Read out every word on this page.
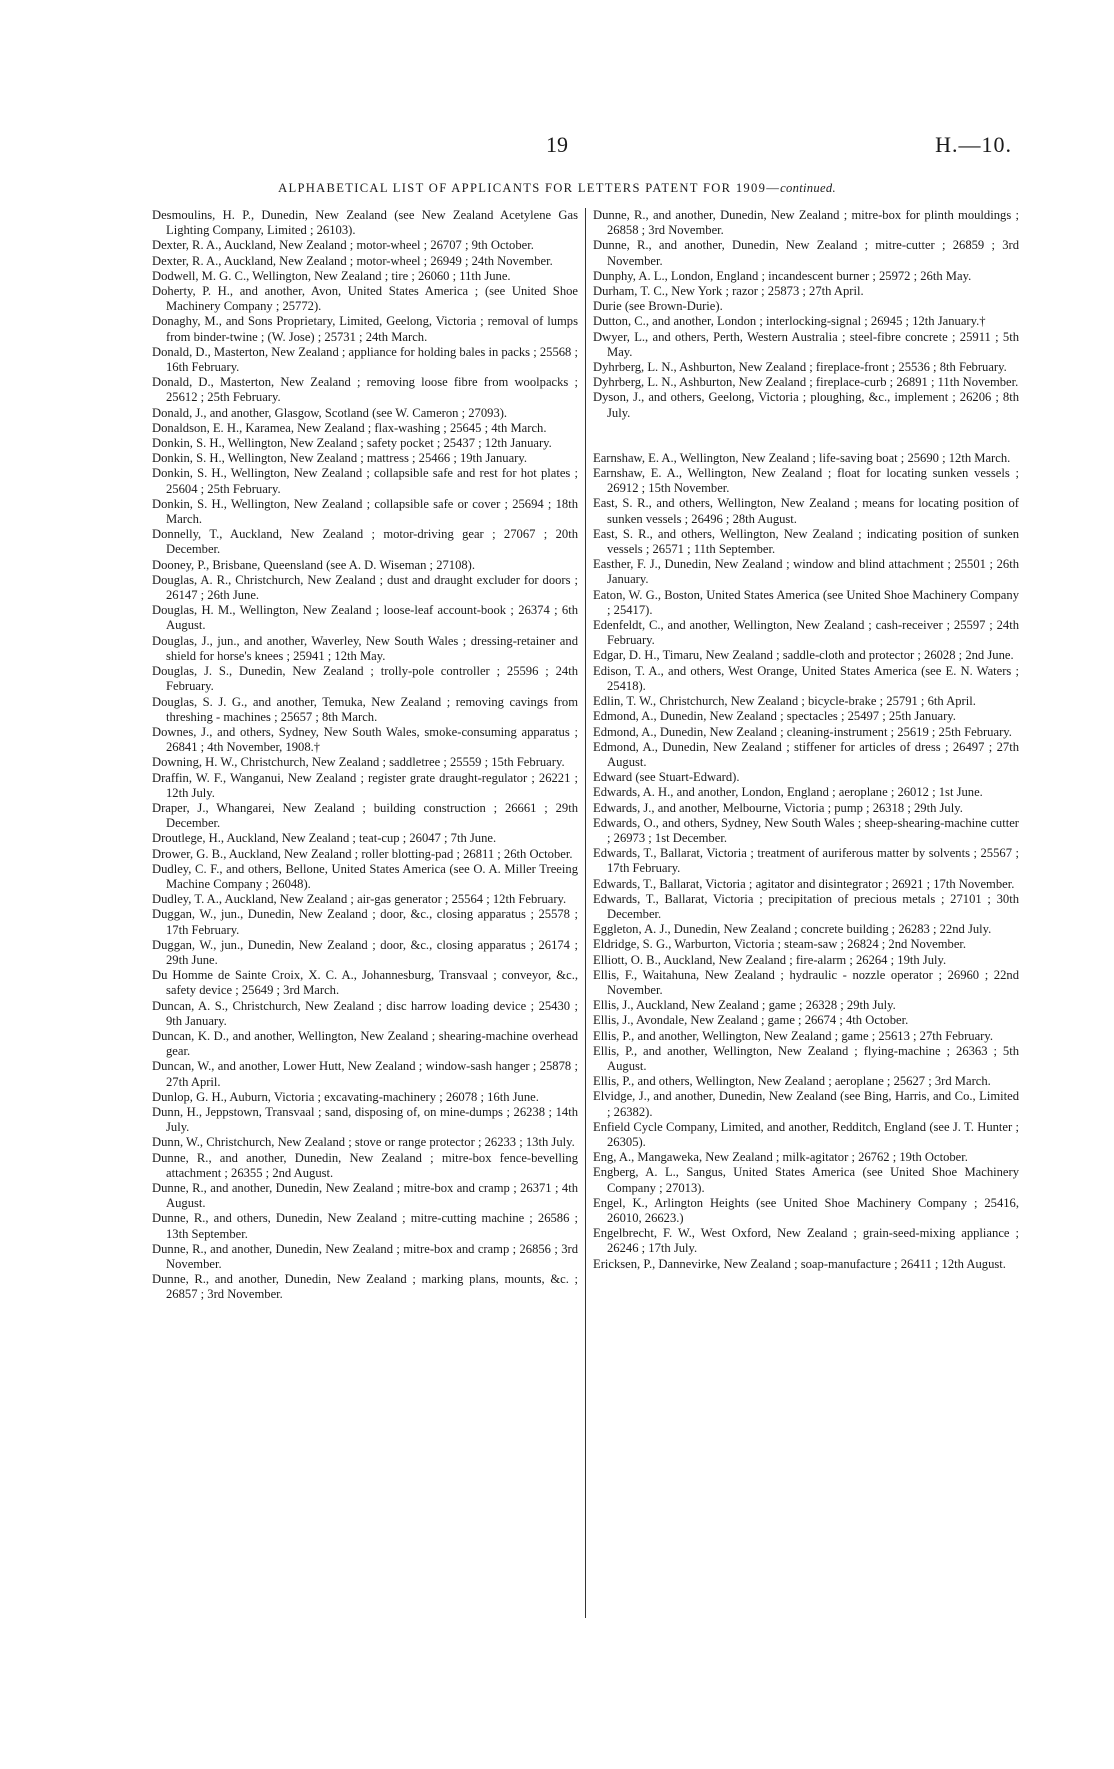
19	H.—10.
ALPHABETICAL LIST OF APPLICANTS FOR LETTERS PATENT FOR 1909—continued.
Desmoulins, H. P., Dunedin, New Zealand (see New Zealand Acetylene Gas Lighting Company, Limited ; 26103).
Dexter, R. A., Auckland, New Zealand ; motor-wheel ; 26707 ; 9th October.
Dexter, R. A., Auckland, New Zealand ; motor-wheel ; 26949 ; 24th November.
Dodwell, M. G. C., Wellington, New Zealand ; tire ; 26060 ; 11th June.
Doherty, P. H., and another, Avon, United States America ; (see United Shoe Machinery Company ; 25772).
Donaghy, M., and Sons Proprietary, Limited, Geelong, Victoria ; removal of lumps from binder-twine ; (W. Jose) ; 25731 ; 24th March.
Donald, D., Masterton, New Zealand ; appliance for holding bales in packs ; 25568 ; 16th February.
Donald, D., Masterton, New Zealand ; removing loose fibre from woolpacks ; 25612 ; 25th February.
Donald, J., and another, Glasgow, Scotland (see W. Cameron ; 27093).
Donaldson, E. H., Karamea, New Zealand ; flax-washing ; 25645 ; 4th March.
Donkin, S. H., Wellington, New Zealand ; safety pocket ; 25437 ; 12th January.
Donkin, S. H., Wellington, New Zealand ; mattress ; 25466 ; 19th January.
Donkin, S. H., Wellington, New Zealand ; collapsible safe and rest for hot plates ; 25604 ; 25th February.
Donkin, S. H., Wellington, New Zealand ; collapsible safe or cover ; 25694 ; 18th March.
Donnelly, T., Auckland, New Zealand ; motor-driving gear ; 27067 ; 20th December.
Dooney, P., Brisbane, Queensland (see A. D. Wiseman ; 27108).
Douglas, A. R., Christchurch, New Zealand ; dust and draught excluder for doors ; 26147 ; 26th June.
Douglas, H. M., Wellington, New Zealand ; loose-leaf account-book ; 26374 ; 6th August.
Douglas, J., jun., and another, Waverley, New South Wales ; dressing-retainer and shield for horse's knees ; 25941 ; 12th May.
Douglas, J. S., Dunedin, New Zealand ; trolly-pole controller ; 25596 ; 24th February.
Douglas, S. J. G., and another, Temuka, New Zealand ; removing cavings from threshing - machines ; 25657 ; 8th March.
Downes, J., and others, Sydney, New South Wales, smoke-consuming apparatus ; 26841 ; 4th November, 1908.†
Downing, H. W., Christchurch, New Zealand ; saddletree ; 25559 ; 15th February.
Draffin, W. F., Wanganui, New Zealand ; register grate draught-regulator ; 26221 ; 12th July.
Draper, J., Whangarei, New Zealand ; building construction ; 26661 ; 29th December.
Droutlege, H., Auckland, New Zealand ; teat-cup ; 26047 ; 7th June.
Drower, G. B., Auckland, New Zealand ; roller blotting-pad ; 26811 ; 26th October.
Dudley, C. F., and others, Bellone, United States America (see O. A. Miller Treeing Machine Company ; 26048).
Dudley, T. A., Auckland, New Zealand ; air-gas generator ; 25564 ; 12th February.
Duggan, W., jun., Dunedin, New Zealand ; door, &c., closing apparatus ; 25578 ; 17th February.
Duggan, W., jun., Dunedin, New Zealand ; door, &c., closing apparatus ; 26174 ; 29th June.
Du Homme de Sainte Croix, X. C. A., Johannesburg, Transvaal ; conveyor, &c., safety device ; 25649 ; 3rd March.
Duncan, A. S., Christchurch, New Zealand ; disc harrow loading device ; 25430 ; 9th January.
Duncan, K. D., and another, Wellington, New Zealand ; shearing-machine overhead gear.
Duncan, W., and another, Lower Hutt, New Zealand ; window-sash hanger ; 25878 ; 27th April.
Dunlop, G. H., Auburn, Victoria ; excavating-machinery ; 26078 ; 16th June.
Dunn, H., Jeppstown, Transvaal ; sand, disposing of, on mine-dumps ; 26238 ; 14th July.
Dunn, W., Christchurch, New Zealand ; stove or range protector ; 26233 ; 13th July.
Dunne, R., and another, Dunedin, New Zealand ; mitre-box fence-bevelling attachment ; 26355 ; 2nd August.
Dunne, R., and another, Dunedin, New Zealand ; mitre-box and cramp ; 26371 ; 4th August.
Dunne, R., and others, Dunedin, New Zealand ; mitre-cutting machine ; 26586 ; 13th September.
Dunne, R., and another, Dunedin, New Zealand ; mitre-box and cramp ; 26856 ; 3rd November.
Dunne, R., and another, Dunedin, New Zealand ; marking plans, mounts, &c. ; 26857 ; 3rd November.
Dunne, R., and another, Dunedin, New Zealand ; mitre-box for plinth mouldings ; 26858 ; 3rd November.
Dunne, R., and another, Dunedin, New Zealand ; mitre-cutter ; 26859 ; 3rd November.
Dunphy, A. L., London, England ; incandescent burner ; 25972 ; 26th May.
Durham, T. C., New York ; razor ; 25873 ; 27th April.
Durie (see Brown-Durie).
Dutton, C., and another, London ; interlocking-signal ; 26945 ; 12th January.†
Dwyer, L., and others, Perth, Western Australia ; steel-fibre concrete ; 25911 ; 5th May.
Dyhrberg, L. N., Ashburton, New Zealand ; fireplace-front ; 25536 ; 8th February.
Dyhrberg, L. N., Ashburton, New Zealand ; fireplace-curb ; 26891 ; 11th November.
Dyson, J., and others, Geelong, Victoria ; ploughing, &c., implement ; 26206 ; 8th July.
Earnshaw, E. A., Wellington, New Zealand ; life-saving boat ; 25690 ; 12th March.
Earnshaw, E. A., Wellington, New Zealand ; float for locating sunken vessels ; 26912 ; 15th November.
East, S. R., and others, Wellington, New Zealand ; means for locating position of sunken vessels ; 26496 ; 28th August.
East, S. R., and others, Wellington, New Zealand ; indicating position of sunken vessels ; 26571 ; 11th September.
Easther, F. J., Dunedin, New Zealand ; window and blind attachment ; 25501 ; 26th January.
Eaton, W. G., Boston, United States America (see United Shoe Machinery Company ; 25417).
Edenfeldt, C., and another, Wellington, New Zealand ; cash-receiver ; 25597 ; 24th February.
Edgar, D. H., Timaru, New Zealand ; saddle-cloth and protector ; 26028 ; 2nd June.
Edison, T. A., and others, West Orange, United States America (see E. N. Waters ; 25418).
Edlin, T. W., Christchurch, New Zealand ; bicycle-brake ; 25791 ; 6th April.
Edmond, A., Dunedin, New Zealand ; spectacles ; 25497 ; 25th January.
Edmond, A., Dunedin, New Zealand ; cleaning-instrument ; 25619 ; 25th February.
Edmond, A., Dunedin, New Zealand ; stiffener for articles of dress ; 26497 ; 27th August.
Edward (see Stuart-Edward).
Edwards, A. H., and another, London, England ; aeroplane ; 26012 ; 1st June.
Edwards, J., and another, Melbourne, Victoria ; pump ; 26318 ; 29th July.
Edwards, O., and others, Sydney, New South Wales ; sheep-shearing-machine cutter ; 26973 ; 1st December.
Edwards, T., Ballarat, Victoria ; treatment of auriferous matter by solvents ; 25567 ; 17th February.
Edwards, T., Ballarat, Victoria ; agitator and disintegrator ; 26921 ; 17th November.
Edwards, T., Ballarat, Victoria ; precipitation of precious metals ; 27101 ; 30th December.
Eggleton, A. J., Dunedin, New Zealand ; concrete building ; 26283 ; 22nd July.
Eldridge, S. G., Warburton, Victoria ; steam-saw ; 26824 ; 2nd November.
Elliott, O. B., Auckland, New Zealand ; fire-alarm ; 26264 ; 19th July.
Ellis, F., Waitahuna, New Zealand ; hydraulic - nozzle operator ; 26960 ; 22nd November.
Ellis, J., Auckland, New Zealand ; game ; 26328 ; 29th July.
Ellis, J., Avondale, New Zealand ; game ; 26674 ; 4th October.
Ellis, P., and another, Wellington, New Zealand ; game ; 25613 ; 27th February.
Ellis, P., and another, Wellington, New Zealand ; flying-machine ; 26363 ; 5th August.
Ellis, P., and others, Wellington, New Zealand ; aeroplane ; 25627 ; 3rd March.
Elvidge, J., and another, Dunedin, New Zealand (see Bing, Harris, and Co., Limited ; 26382).
Enfield Cycle Company, Limited, and another, Redditch, England (see J. T. Hunter ; 26305).
Eng, A., Mangaweka, New Zealand ; milk-agitator ; 26762 ; 19th October.
Engberg, A. L., Sangus, United States America (see United Shoe Machinery Company ; 27013).
Engel, K., Arlington Heights (see United Shoe Machinery Company ; 25416, 26010, 26623.)
Engelbrecht, F. W., West Oxford, New Zealand ; grain-seed-mixing appliance ; 26246 ; 17th July.
Ericksen, P., Dannevirke, New Zealand ; soap-manufacture ; 26411 ; 12th August.
